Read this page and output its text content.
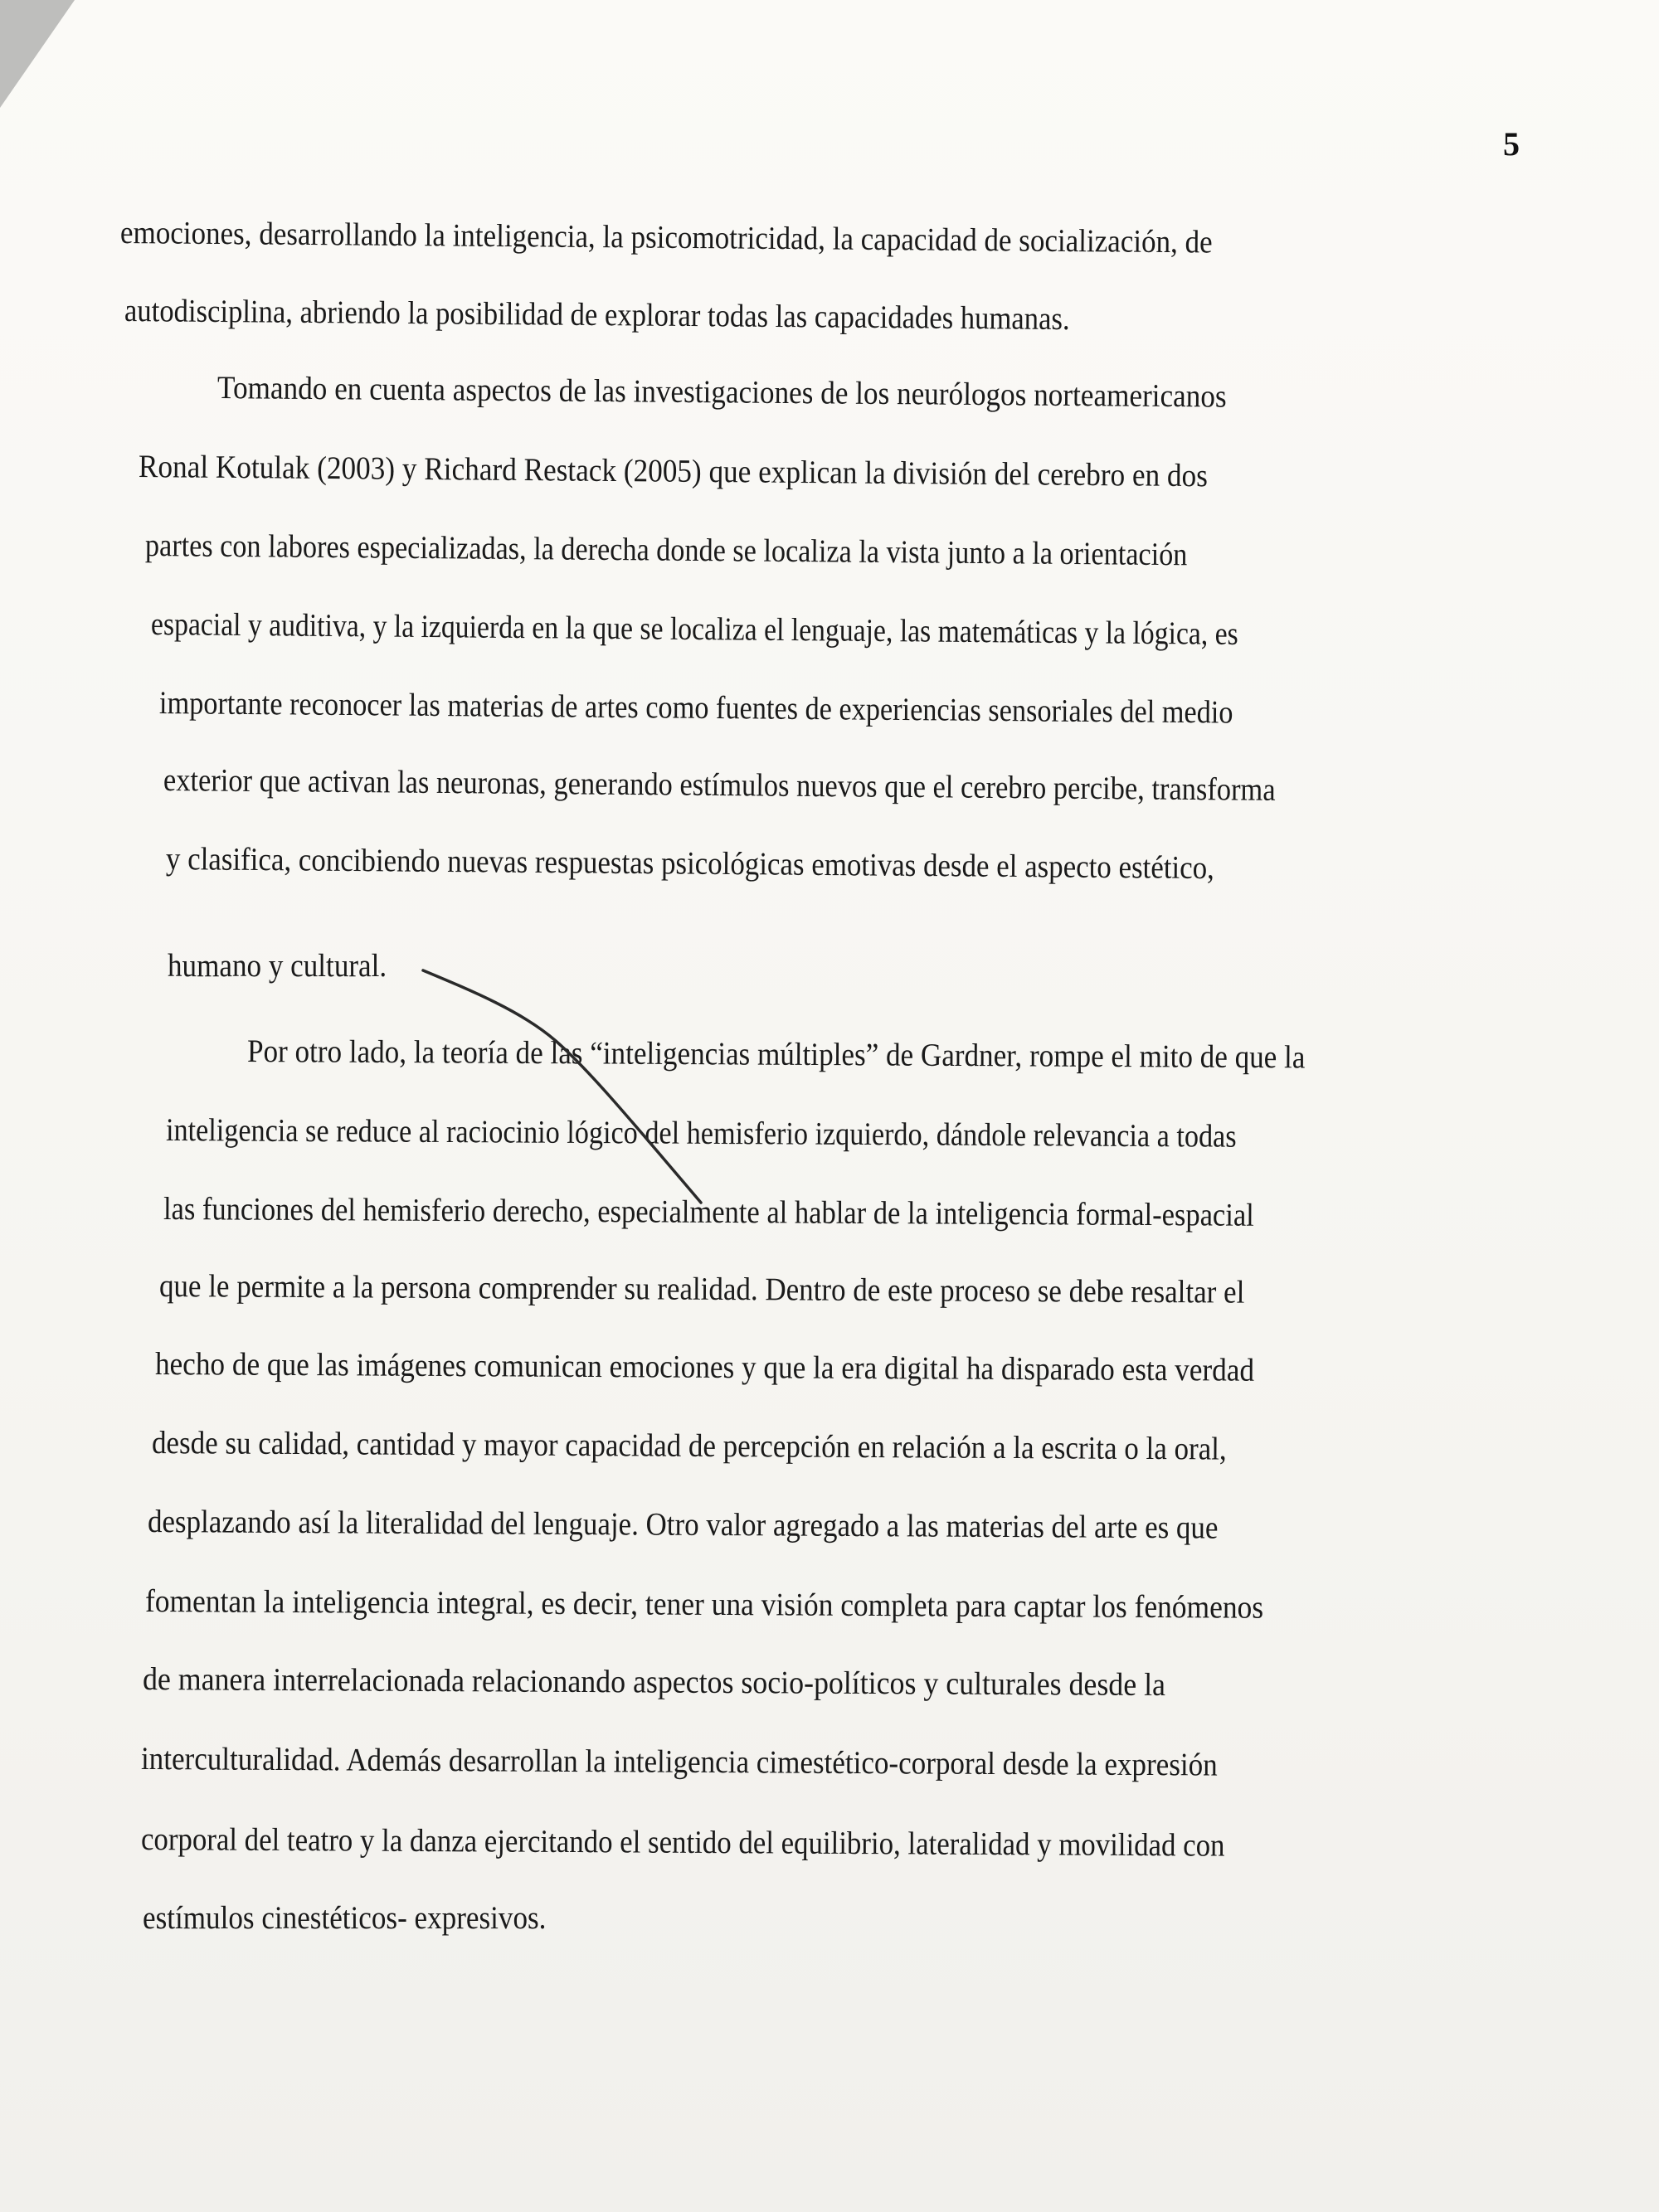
5
emociones, desarrollando la inteligencia, la psicomotricidad, la capacidad de socialización, de
autodisciplina, abriendo la posibilidad de explorar todas las capacidades humanas.
Tomando en cuenta aspectos de las investigaciones de los neurólogos norteamericanos
Ronal Kotulak (2003) y Richard Restack (2005) que explican la división del cerebro en dos
partes con labores especializadas, la derecha donde se localiza la vista junto a la orientación
espacial y auditiva, y la izquierda en la que se localiza el lenguaje, las matemáticas y la lógica, es
importante reconocer las materias de artes como fuentes de experiencias sensoriales del medio
exterior que activan las neuronas, generando estímulos nuevos que el cerebro percibe, transforma
y clasifica, concibiendo nuevas respuestas psicológicas emotivas desde el aspecto estético,
humano y cultural.
Por otro lado, la teoría de las “inteligencias múltiples” de Gardner, rompe el mito de que la
inteligencia se reduce al raciocinio lógico del hemisferio izquierdo, dándole relevancia a todas
las funciones del hemisferio derecho, especialmente al hablar de la inteligencia formal-espacial
que le permite a la persona comprender su realidad. Dentro de este proceso se debe resaltar el
hecho de que las imágenes comunican emociones y que la era digital ha disparado esta verdad
desde su calidad, cantidad y mayor capacidad de percepción en relación a la escrita o la oral,
desplazando así la literalidad del lenguaje. Otro valor agregado a las materias del arte es que
fomentan la inteligencia integral, es decir, tener una visión completa para captar los fenómenos
de manera interrelacionada relacionando aspectos socio-políticos y culturales desde la
interculturalidad. Además desarrollan la inteligencia cimestético-corporal desde la expresión
corporal del teatro y la danza ejercitando el sentido del equilibrio, lateralidad y movilidad con
estímulos cinestéticos- expresivos.
